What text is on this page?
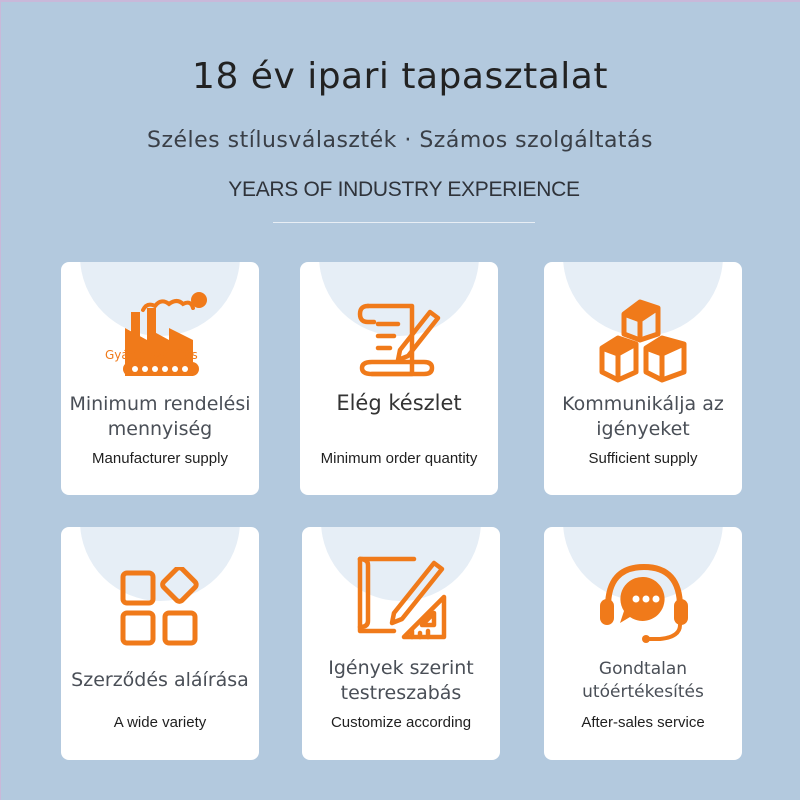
18 év ipari tapasztalat
Széles stílusválaszték · Számos szolgáltatás
YEARS OF INDUSTRY EXPERIENCE
Gyártó szállítás
Minimum rendelési mennyiség
Manufacturer supply
Elég készlet
Minimum order quantity
Kommunikálja az igényeket
Sufficient supply
Szerződés aláírása
A wide variety
Igények szerint testreszabás
Customize according
Gondtalan utóértékesítés
After-sales service
